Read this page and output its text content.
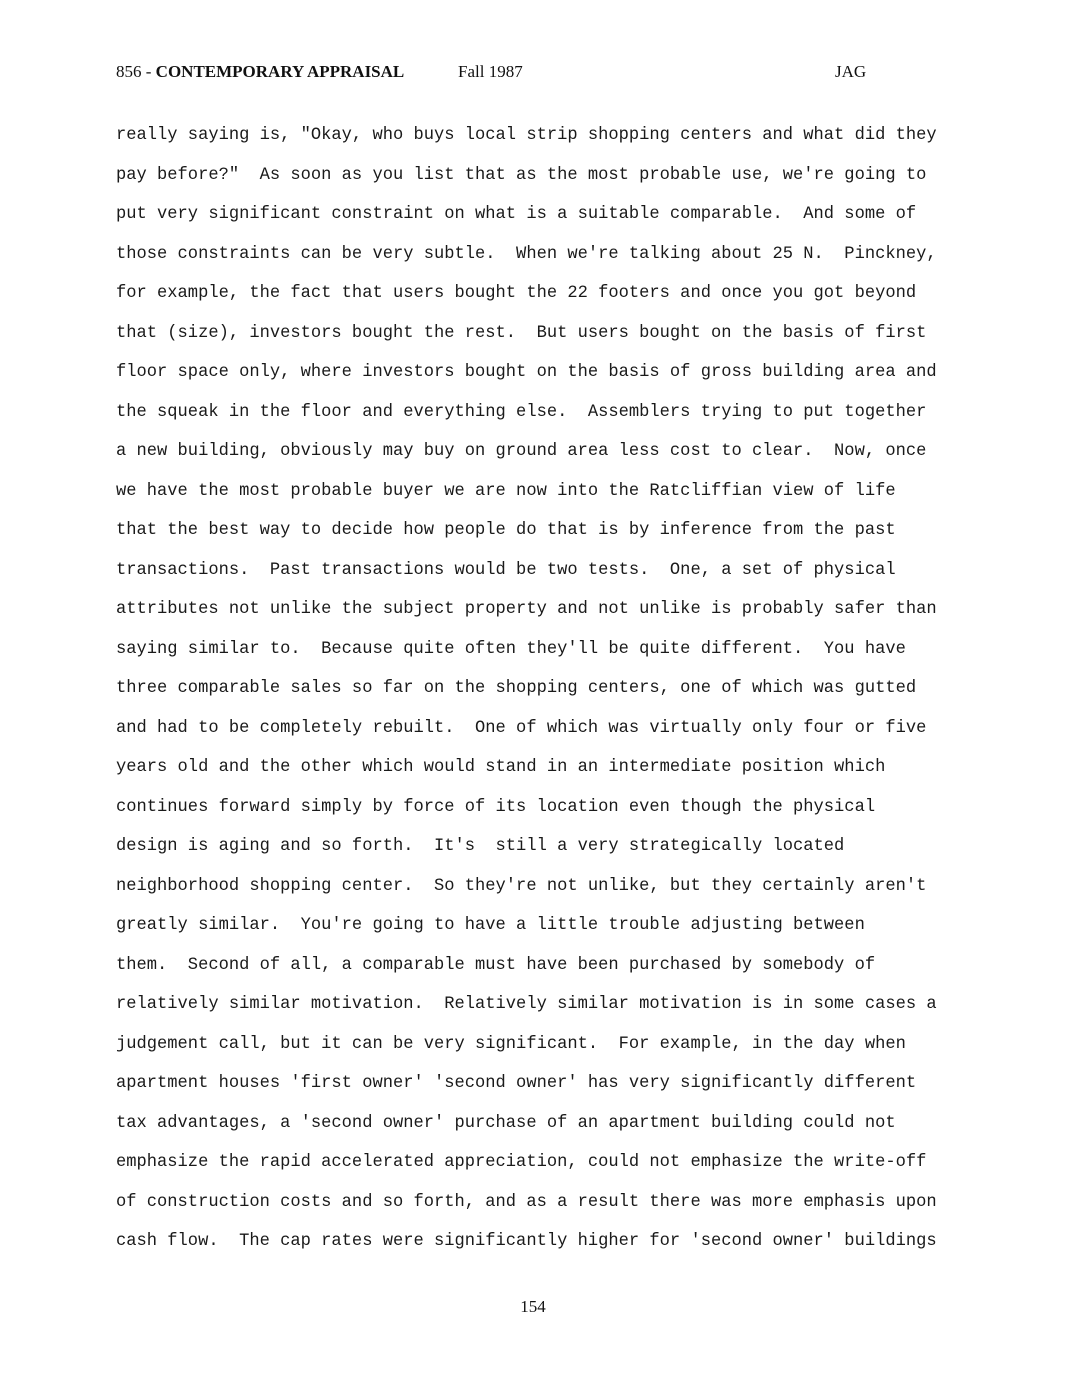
856 - CONTEMPORARY APPRAISAL	Fall 1987	JAG
really saying is, "Okay, who buys local strip shopping centers and what did they
pay before?"  As soon as you list that as the most probable use, we're going to
put very significant constraint on what is a suitable comparable.  And some of
those constraints can be very subtle.  When we're talking about 25 N.  Pinckney,
for example, the fact that users bought the 22 footers and once you got beyond
that (size), investors bought the rest.  But users bought on the basis of first
floor space only, where investors bought on the basis of gross building area and
the squeak in the floor and everything else.  Assemblers trying to put together
a new building, obviously may buy on ground area less cost to clear.  Now, once
we have the most probable buyer we are now into the Ratcliffian view of life
that the best way to decide how people do that is by inference from the past
transactions.  Past transactions would be two tests.  One, a set of physical
attributes not unlike the subject property and not unlike is probably safer than
saying similar to.  Because quite often they'll be quite different.  You have
three comparable sales so far on the shopping centers, one of which was gutted
and had to be completely rebuilt.  One of which was virtually only four or five
years old and the other which would stand in an intermediate position which
continues forward simply by force of its location even though the physical
design is aging and so forth.  It's  still a very strategically located
neighborhood shopping center.  So they're not unlike, but they certainly aren't
greatly similar.  You're going to have a little trouble adjusting between
them.  Second of all, a comparable must have been purchased by somebody of
relatively similar motivation.  Relatively similar motivation is in some cases a
judgement call, but it can be very significant.  For example, in the day when
apartment houses 'first owner' 'second owner' has very significantly different
tax advantages, a 'second owner' purchase of an apartment building could not
emphasize the rapid accelerated appreciation, could not emphasize the write-off
of construction costs and so forth, and as a result there was more emphasis upon
cash flow.  The cap rates were significantly higher for 'second owner' buildings
154
